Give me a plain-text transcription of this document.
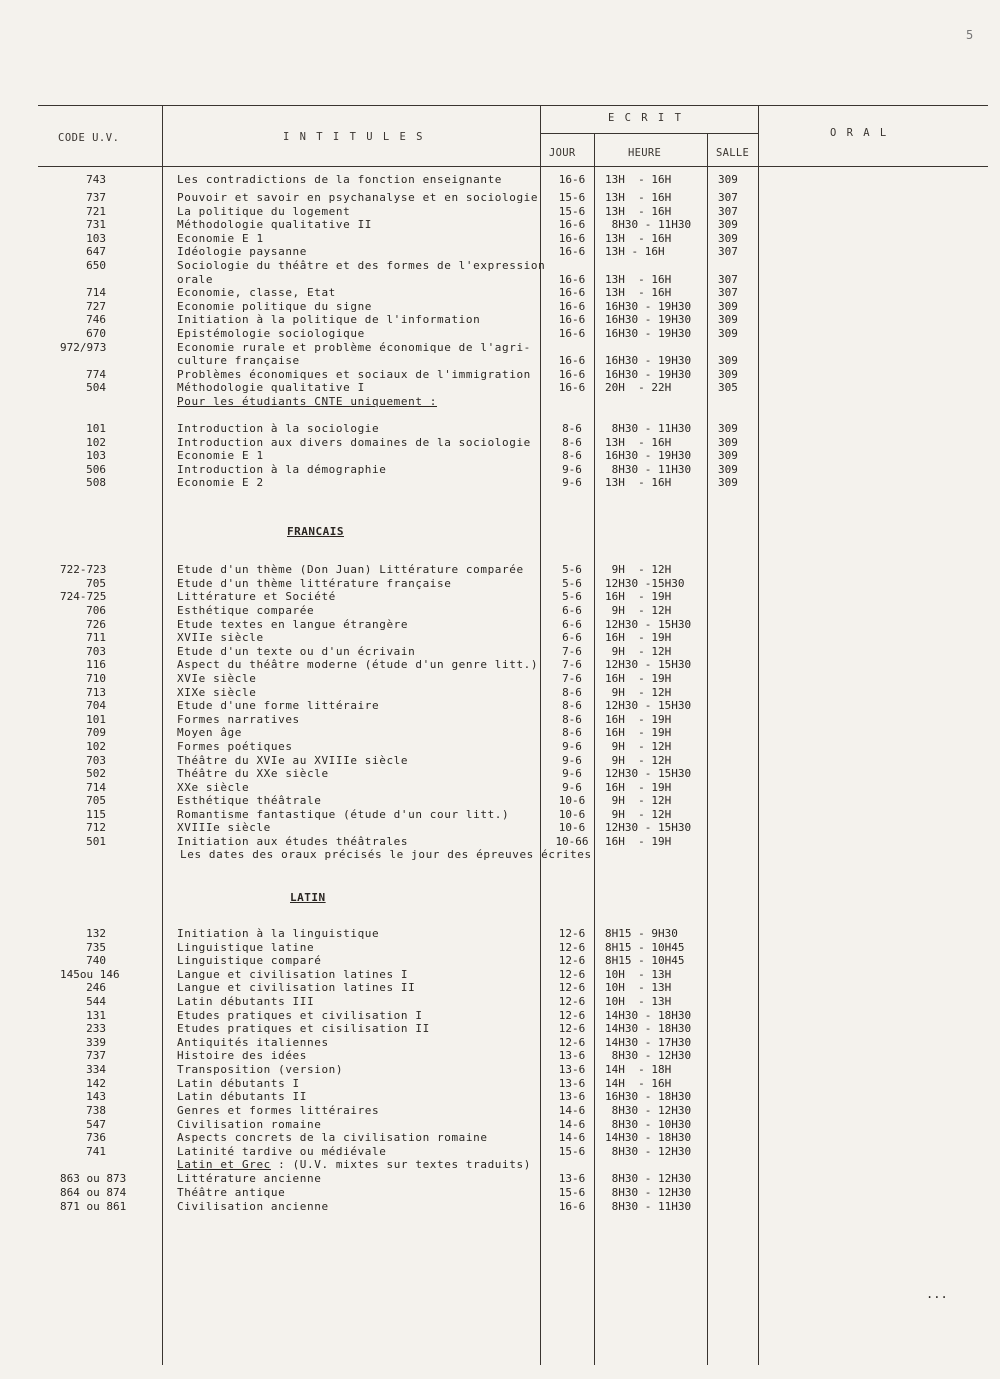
5
CODE U.V.	I N T I T U L E S
E C R I T
JOUR	HEURE	SALLE
O R A L
FRANCAIS
LATIN
Les dates des oraux précisés le jour des épreuves écrites
...
743	Les contradictions de la fonction enseignante	16-6	13H  - 16H	309
737	Pouvoir et savoir en psychanalyse et en sociologie	15-6	13H  - 16H	307
721	La politique du logement	15-6	13H  - 16H	307
731	Méthodologie qualitative II	16-6	8H30 - 11H30 309
103	Economie E 1	16-6	13H  - 16H	309
647	Idéologie paysanne	16-6	13H - 16H	307
650	Sociologie du théâtre et des formes de l'expression
orale	16-6	13H  - 16H	307
714	Economie, classe, Etat	16-6	13H  - 16H	307
727	Economie politique du signe	16-6	16H30 - 19H30 309
746	Initiation à la politique de l'information	16-6	16H30 - 19H30 309
670	Epistémologie sociologique	16-6	16H30 - 19H30 309
972/973	Economie rurale et problème économique de l'agri-
culture française	16-6	16H30 - 19H30 309
774	Problèmes économiques et sociaux de l'immigration	16-6	16H30 - 19H30 309
504	Méthodologie qualitative I	16-6	20H  - 22H	305
Pour les étudiants CNTE uniquement :
101	Introduction à la sociologie	8-6	8H30 - 11H30 309
102	Introduction aux divers domaines de la sociologie	8-6	13H  - 16H	309
103	Economie E 1	8-6	16H30 - 19H30 309
506	Introduction à la démographie	9-6	8H30 - 11H30 309
508	Economie E 2	9-6	13H  - 16H	309
722-723	Etude d'un thème (Don Juan) Littérature comparée	5-6	9H  - 12H
705	Etude d'un thème littérature française	5-6	12H30 -15H30
724-725	Littérature et Société	5-6	16H  - 19H
706	Esthétique comparée	6-6	9H  - 12H
726	Etude textes en langue étrangère	6-6	12H30 - 15H30
711	XVIIe siècle	6-6	16H  - 19H
703	Etude d'un texte ou d'un écrivain	7-6	9H  - 12H
116	Aspect du théâtre moderne (étude d'un genre litt.)	7-6	12H30 - 15H30
710	XVIe siècle	7-6	16H  - 19H
713	XIXe siècle	8-6	9H  - 12H
704	Etude d'une forme littéraire	8-6	12H30 - 15H30
101	Formes narratives	8-6	16H  - 19H
709	Moyen âge	8-6	16H  - 19H
102	Formes poétiques	9-6	9H  - 12H
703	Théâtre du XVIe au XVIIIe siècle	9-6	9H  - 12H
502	Théâtre du XXe siècle	9-6	12H30 - 15H30
714	XXe siècle	9-6	16H  - 19H
705	Esthétique théâtrale	10-6	9H  - 12H
115	Romantisme fantastique (étude d'un cour litt.)	10-6	9H  - 12H
712	XVIIIe siècle	10-6	12H30 - 15H30
501	Initiation aux études théâtrales	10-66	16H  - 19H
132	Initiation à la linguistique	12-6	8H15 - 9H30
735	Linguistique latine	12-6	8H15 - 10H45
740	Linguistique comparé	12-6	8H15 - 10H45
145ou 146	Langue et civilisation latines I	12-6	10H  - 13H
246	Langue et civilisation latines II	12-6	10H  - 13H
544	Latin débutants III	12-6	10H  - 13H
131	Etudes pratiques et civilisation I	12-6	14H30 - 18H30
233	Etudes pratiques et cisilisation II	12-6	14H30 - 18H30
339	Antiquités italiennes	12-6	14H30 - 17H30
737	Histoire des idées	13-6	8H30 - 12H30
334	Transposition (version)	13-6	14H  - 18H
142	Latin débutants I	13-6	14H  - 16H
143	Latin débutants II	13-6	16H30 - 18H30
738	Genres et formes littéraires	14-6	8H30 - 12H30
547	Civilisation romaine	14-6	8H30 - 10H30
736	Aspects concrets de la civilisation romaine	14-6	14H30 - 18H30
741	Latinité tardive ou médiévale	15-6	8H30 - 12H30
Latin et Grec : (U.V. mixtes sur textes traduits)
863 ou 873	Littérature ancienne	13-6	8H30 - 12H30
864 ou 874	Théâtre antique	15-6	8H30 - 12H30
871 ou 861	Civilisation ancienne	16-6	8H30 - 11H30
